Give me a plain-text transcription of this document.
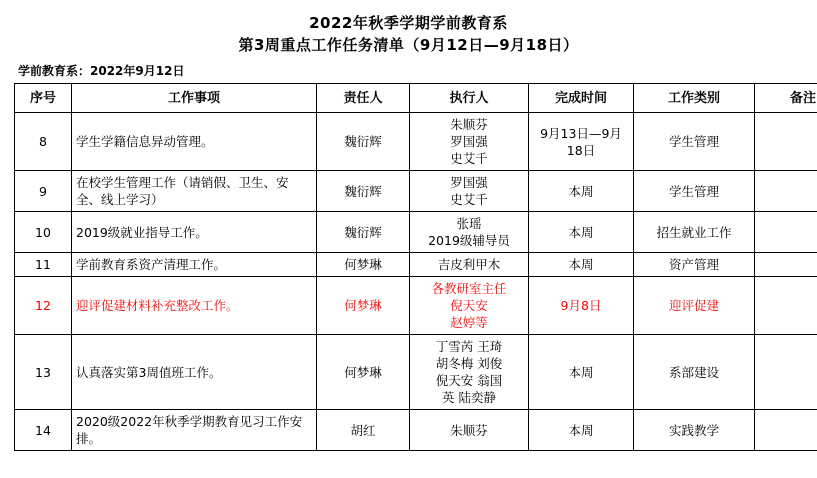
2022年秋季学期学前教育系
第3周重点工作任务清单（9月12日—9月18日）
学前教育系：2022年9月12日
序号	工作事项	责任人	执行人	完成时间	工作类别	备注
8	学生学籍信息异动管理。	魏衍辉	朱顺芬
罗国强
史艾千	9月13日—9月
18日	学生管理	
9	在校学生管理工作（请销假、卫生、安全、线上学习）	魏衍辉	罗国强
史艾千	本周	学生管理	
10	2019级就业指导工作。	魏衍辉	张瑶
2019级辅导员	本周	招生就业工作	
11	学前教育系资产清理工作。	何梦琳	吉皮利甲木	本周	资产管理	
12	迎评促建材料补充整改工作。	何梦琳	各教研室主任
倪天安
赵婷等	9月8日	迎评促建	
13	认真落实第3周值班工作。	何梦琳	丁雪芮 王琦
胡冬梅 刘俊
倪天安 翁国
英 陆奕静	本周	系部建设	
14	2020级2022年秋季学期教育见习工作安排。	胡红	朱顺芬	本周	实践教学	
